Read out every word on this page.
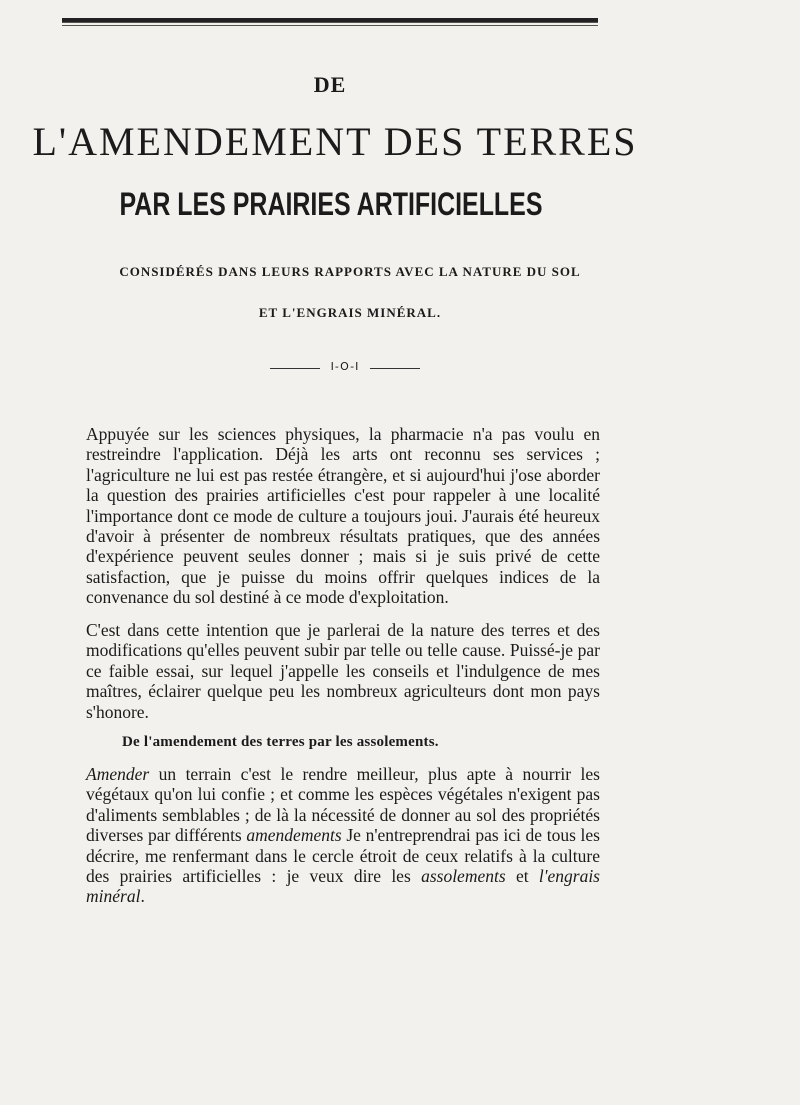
DE
L'AMENDEMENT DES TERRES
PAR LES PRAIRIES ARTIFICIELLES
CONSIDÉRÉS DANS LEURS RAPPORTS AVEC LA NATURE DU SOL
ET L'ENGRAIS MINÉRAL.
I-O-I

Appuyée sur les sciences physiques, la pharmacie n'a pas voulu en restreindre l'application. Déjà les arts ont reconnu ses services ; l'agriculture ne lui est pas restée étrangère, et si aujourd'hui j'ose aborder la question des prairies artificielles c'est pour rappeler à une localité l'importance dont ce mode de culture a toujours joui. J'aurais été heureux d'avoir à présenter de nombreux résultats pratiques, que des années d'expérience peuvent seules donner ; mais si je suis privé de cette satisfaction, que je puisse du moins offrir quelques indices de la convenance du sol destiné à ce mode d'exploitation.

C'est dans cette intention que je parlerai de la nature des terres et des modifications qu'elles peuvent subir par telle ou telle cause. Puissé-je par ce faible essai, sur lequel j'appelle les conseils et l'indulgence de mes maîtres, éclairer quelque peu les nombreux agriculteurs dont mon pays s'honore.

De l'amendement des terres par les assolements.

Amender un terrain c'est le rendre meilleur, plus apte à nourrir les végétaux qu'on lui confie ; et comme les espèces végétales n'exigent pas d'aliments semblables ; de là la nécessité de donner au sol des propriétés diverses par différents amendements Je n'entreprendrai pas ici de tous les décrire, me renfermant dans le cercle étroit de ceux relatifs à la culture des prairies artificielles : je veux dire les assolements et l'engrais minéral.
